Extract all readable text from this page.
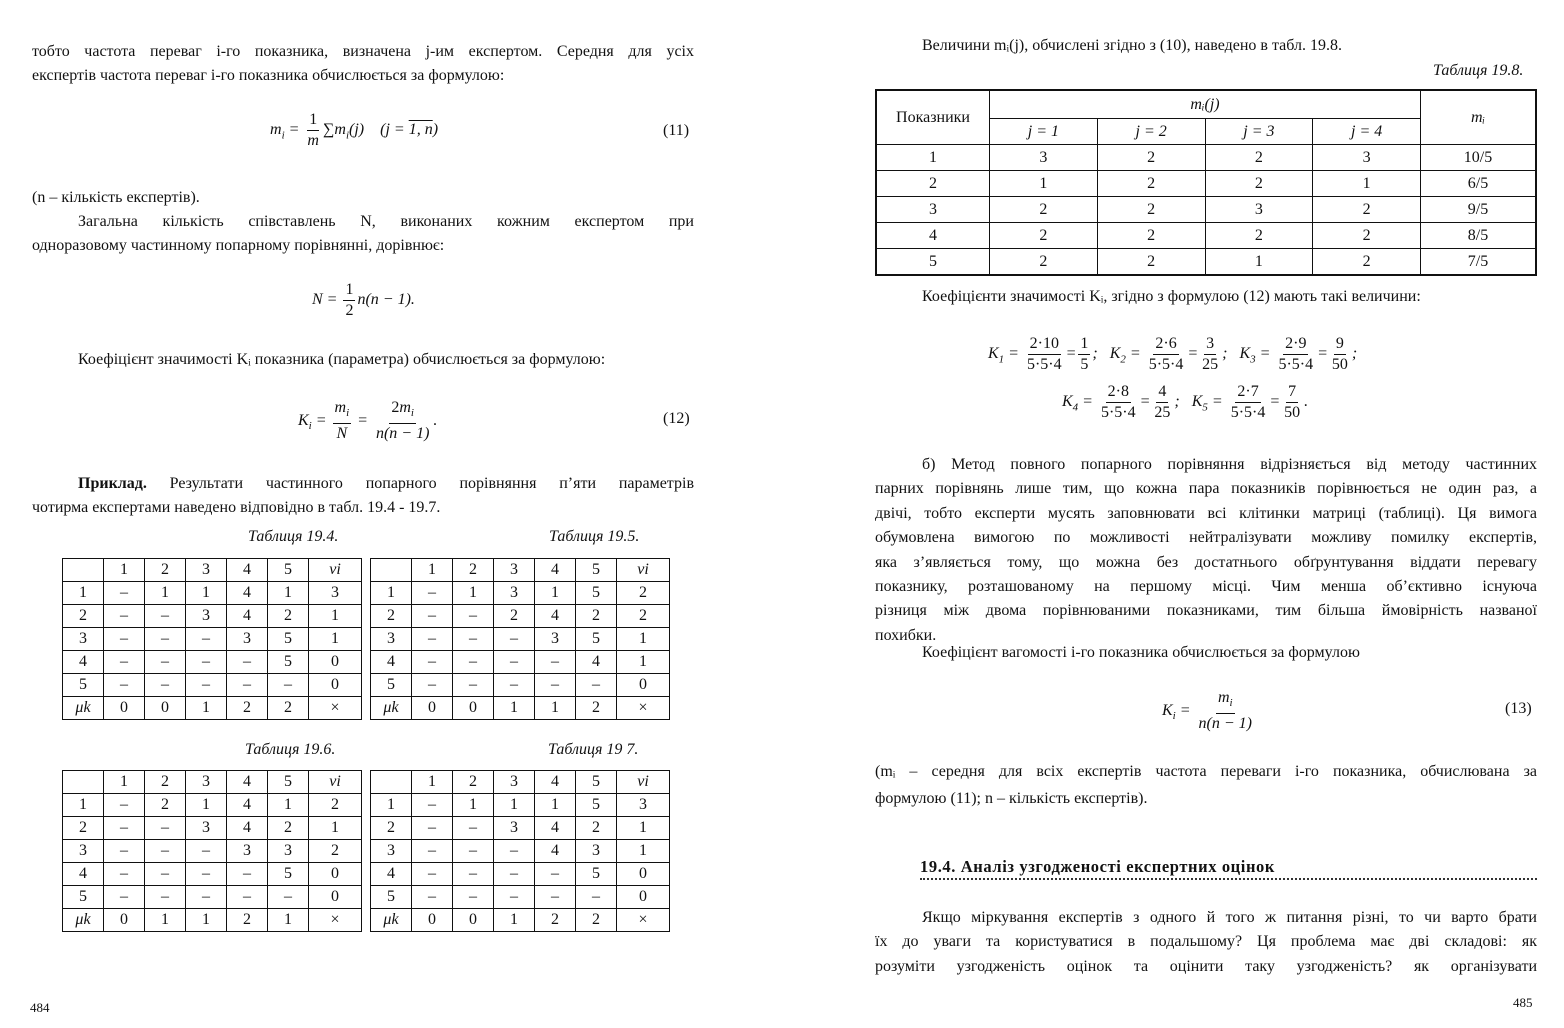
тобто частота переваг i-го показника, визначена j-им експертом. Середня для усіх
експертів частота переваг i-го показника обчислюється за формулою:
$m_i = \frac{1}{m} \sum m_i(j)$    (j = 1, n)	(11)
(n – кількість експертів).
Загальна кількість співставлень N, виконаних кожним експертом при
одноразовому частинному попарному порівнянні, дорівнює:
$N = \frac{1}{2} n(n - 1)$.
Коефіцієнт значимості Kᵢ показника (параметра) обчислюється за формулою:
$K_i = \frac{m_i}{N} = \frac{2m_i}{n(n - 1)}$ .	(12)
Приклад. Результати частинного попарного порівняння п’яти параметрів
чотирма експертами наведено відповідно в табл. 19.4 - 19.7.
Таблиця 19.4.	Таблиця 19.5.
Таблиця 19.6.	Таблиця 19 7.
	1	2	3	4	5	νi
1	–	1	1	4	1	3
2	–	–	3	4	2	1
3	–	–	–	3	5	1
4	–	–	–	–	5	0
5	–	–	–	–	–	0
μk	0	0	1	2	2	×
	1	2	3	4	5	νi
1	–	1	3	1	5	2
2	–	–	2	4	2	2
3	–	–	–	3	5	1
4	–	–	–	–	4	1
5	–	–	–	–	–	0
μk	0	0	1	1	2	×
	1	2	3	4	5	νi
1	–	2	1	4	1	2
2	–	–	3	4	2	1
3	–	–	–	3	3	2
4	–	–	–	–	5	0
5	–	–	–	–	–	0
μk	0	1	1	2	1	×
	1	2	3	4	5	νi
1	–	1	1	1	5	3
2	–	–	3	4	2	1
3	–	–	–	4	3	1
4	–	–	–	–	5	0
5	–	–	–	–	–	0
μk	0	0	1	2	2	×
484
Величини mᵢ(j), обчислені згідно з (10), наведено в табл. 19.8.
Таблиця 19.8.
Показники	mᵢ(j)				mᵢ
	j = 1	j = 2	j = 3	j = 4	
1	3	2	2	3	10/5
2	1	2	2	1	6/5
3	2	2	3	2	9/5
4	2	2	2	2	8/5
5	2	2	1	2	7/5
Коефіцієнти значимості Kᵢ, згідно з формулою (12) мають такі величини:
$K_1 = \frac{2\cdot 10}{5\cdot 5\cdot 4} = \frac{1}{5}$ ;   $K_2 = \frac{2\cdot 6}{5\cdot 5\cdot 4} = \frac{3}{25}$ ;   $K_3 = \frac{2\cdot 9}{5\cdot 5\cdot 4} = \frac{9}{50}$ ;
$K_4 = \frac{2\cdot 8}{5\cdot 5\cdot 4} = \frac{4}{25}$ ;   $K_5 = \frac{2\cdot 7}{5\cdot 5\cdot 4} = \frac{7}{50}$ .
б) Метод повного попарного порівняння відрізняється від методу частинних
парних порівнянь лише тим, що кожна пара показників порівнюється не один раз, а
двічі, тобто експерти мусять заповнювати всі клітинки матриці (таблиці). Ця вимога
обумовлена вимогою по можливості нейтралізувати можливу помилку експертів,
яка з’являється тому, що можна без достатнього обґрунтування віддати перевагу
показнику, розташованому на першому місці. Чим менша об’єктивно існуюча
різниця між двома порівнюваними показниками, тим більша ймовірність названої
похибки.
Коефіцієнт вагомості i-го показника обчислюється за формулою
$K_i = \frac{m_i}{n(n - 1)}$	(13)
(mᵢ – середня для всіх експертів частота переваги i-го показника, обчислювана за
формулою (11); n – кількість експертів).
19.4. Аналіз узгодженості експертних оцінок
Якщо міркування експертів з одного й того ж питання різні, то чи варто брати
їх до уваги та користуватися в подальшому? Ця проблема має дві складові: як
розуміти узгодженість оцінок та оцінити таку узгодженість? як організувати
485
